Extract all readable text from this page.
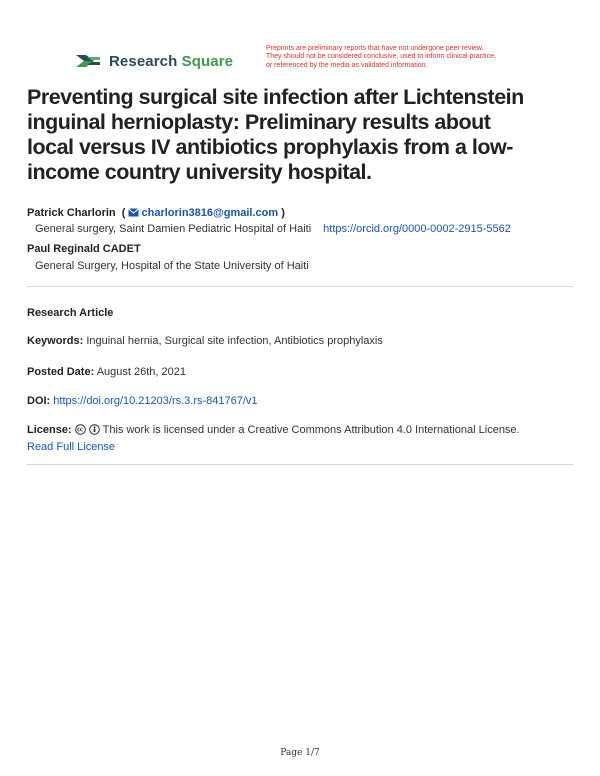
Research Square

Preprints are preliminary reports that have not undergone peer review.
They should not be considered conclusive, used to inform clinical practice,
or referenced by the media as validated information.

Preventing surgical site infection after Lichtenstein
inguinal hernioplasty: Preliminary results about
local versus IV antibiotics prophylaxis from a low-
income country university hospital.
Patrick Charlorin  ( charlorin3816@gmail.com )
General surgery, Saint Damien Pediatric Hospital of Haiti https://orcid.org/0000-0002-2915-5562
Paul Reginald CADET
General Surgery, Hospital of the State University of Haiti
Research Article
Keywords: Inguinal hernia, Surgical site infection, Antibiotics prophylaxis
Posted Date: August 26th, 2021
DOI: https://doi.org/10.21203/rs.3.rs-841767/v1
License:	This work is licensed under a Creative Commons Attribution 4.0 International License.
Read Full License
Page 1/7
